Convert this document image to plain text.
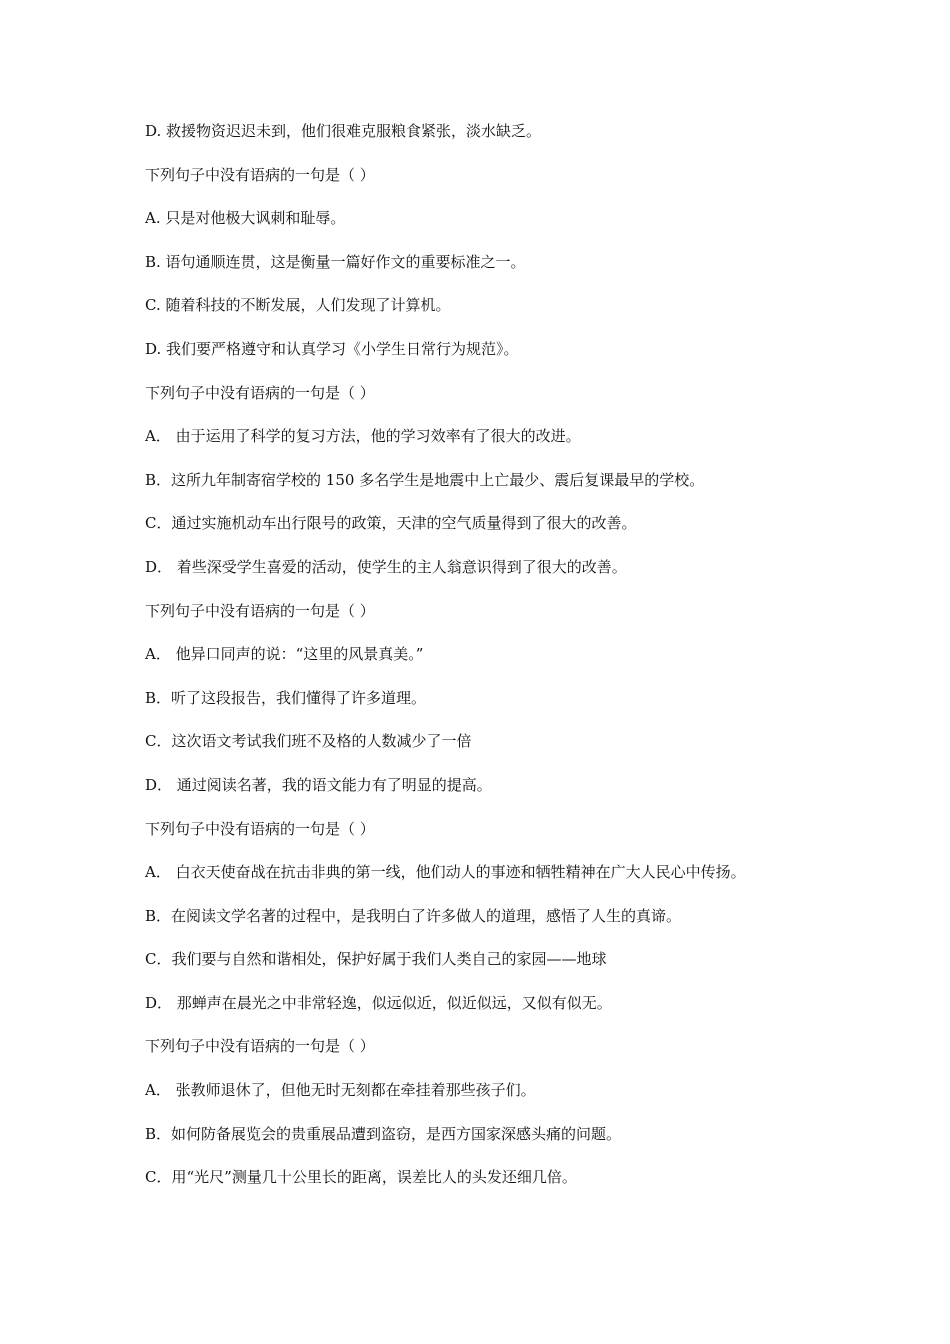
D. 救援物资迟迟未到，他们很难克服粮食紧张，淡水缺乏。
下列句子中没有语病的一句是（ ）
A. 只是对他极大讽刺和耻辱。
B. 语句通顺连贯，这是衡量一篇好作文的重要标准之一。
C. 随着科技的不断发展，人们发现了计算机。
D. 我们要严格遵守和认真学习《小学生日常行为规范》。
下列句子中没有语病的一句是（ ）
A． 由于运用了科学的复习方法，他的学习效率有了很大的改进。
B．这所九年制寄宿学校的 150 多名学生是地震中上亡最少、震后复课最早的学校。
C．通过实施机动车出行限号的政策，天津的空气质量得到了很大的改善。
D． 着些深受学生喜爱的活动，使学生的主人翁意识得到了很大的改善。
下列句子中没有语病的一句是（ ）
A． 他异口同声的说：“这里的风景真美。”
B．听了这段报告，我们懂得了许多道理。
C．这次语文考试我们班不及格的人数减少了一倍
D． 通过阅读名著，我的语文能力有了明显的提高。
下列句子中没有语病的一句是（ ）
A． 白衣天使奋战在抗击非典的第一线，他们动人的事迹和牺牲精神在广大人民心中传扬。
B．在阅读文学名著的过程中，是我明白了许多做人的道理，感悟了人生的真谛。
C．我们要与自然和谐相处，保护好属于我们人类自己的家园——地球
D． 那蝉声在晨光之中非常轻逸，似远似近，似近似远，又似有似无。
下列句子中没有语病的一句是（ ）
A． 张教师退休了，但他无时无刻都在牵挂着那些孩子们。
B．如何防备展览会的贵重展品遭到盗窃，是西方国家深感头痛的问题。
C．用“光尺”测量几十公里长的距离，误差比人的头发还细几倍。
